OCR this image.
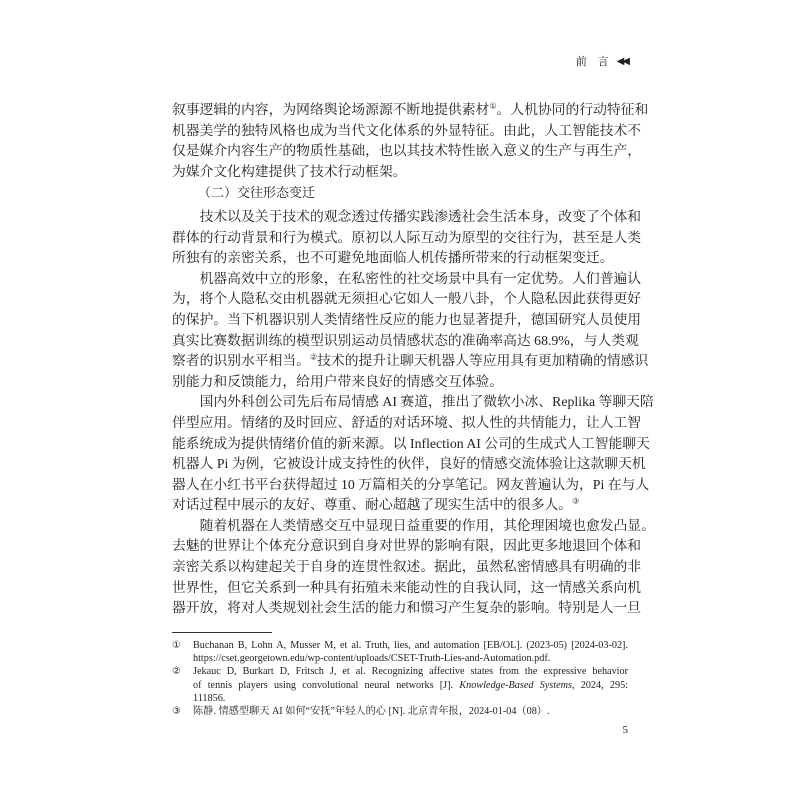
前 言 ◀◀
叙事逻辑的内容，为网络舆论场源源不断地提供素材①。人机协同的行动特征和
机器美学的独特风格也成为当代文化体系的外显特征。由此，人工智能技术不
仅是媒介内容生产的物质性基础，也以其技术特性嵌入意义的生产与再生产，
为媒介文化构建提供了技术行动框架。
（二）交往形态变迁
技术以及关于技术的观念透过传播实践渗透社会生活本身，改变了个体和
群体的行动背景和行为模式。原初以人际互动为原型的交往行为，甚至是人类
所独有的亲密关系，也不可避免地面临人机传播所带来的行动框架变迁。
机器高效中立的形象，在私密性的社交场景中具有一定优势。人们普遍认
为，将个人隐私交由机器就无须担心它如人一般八卦，个人隐私因此获得更好
的保护。当下机器识别人类情绪性反应的能力也显著提升，德国研究人员使用
真实比赛数据训练的模型识别运动员情感状态的准确率高达 68.9%，与人类观
察者的识别水平相当。②技术的提升让聊天机器人等应用具有更加精确的情感识
别能力和反馈能力，给用户带来良好的情感交互体验。
国内外科创公司先后布局情感 AI 赛道，推出了微软小冰、Replika 等聊天陪
伴型应用。情绪的及时回应、舒适的对话环境、拟人性的共情能力，让人工智
能系统成为提供情绪价值的新来源。以 Inflection AI 公司的生成式人工智能聊天
机器人 Pi 为例，它被设计成支持性的伙伴，良好的情感交流体验让这款聊天机
器人在小红书平台获得超过 10 万篇相关的分享笔记。网友普遍认为，Pi 在与人
对话过程中展示的友好、尊重、耐心超越了现实生活中的很多人。③
随着机器在人类情感交互中显现日益重要的作用，其伦理困境也愈发凸显。
去魅的世界让个体充分意识到自身对世界的影响有限，因此更多地退回个体和
亲密关系以构建起关于自身的连贯性叙述。据此，虽然私密情感具有明确的非
世界性，但它关系到一种具有拓殖未来能动性的自我认同，这一情感关系向机
器开放，将对人类规划社会生活的能力和惯习产生复杂的影响。特别是人一旦
①	Buchanan B, Lohn A, Musser M, et al. Truth, lies, and automation [EB/OL]. (2023-05) [2024-03-02].
https://cset.georgetown.edu/wp-content/uploads/CSET-Truth-Lies-and-Automation.pdf.
②	Jekauc D, Burkart D, Fritsch J, et al. Recognizing affective states from the expressive behavior
of tennis players using convolutional neural networks [J]. Knowledge-Based Systems, 2024, 295:
111856.
③	陈静. 情感型聊天 AI 如何“安抚”年轻人的心 [N]. 北京青年报，2024-01-04（08）.
5
